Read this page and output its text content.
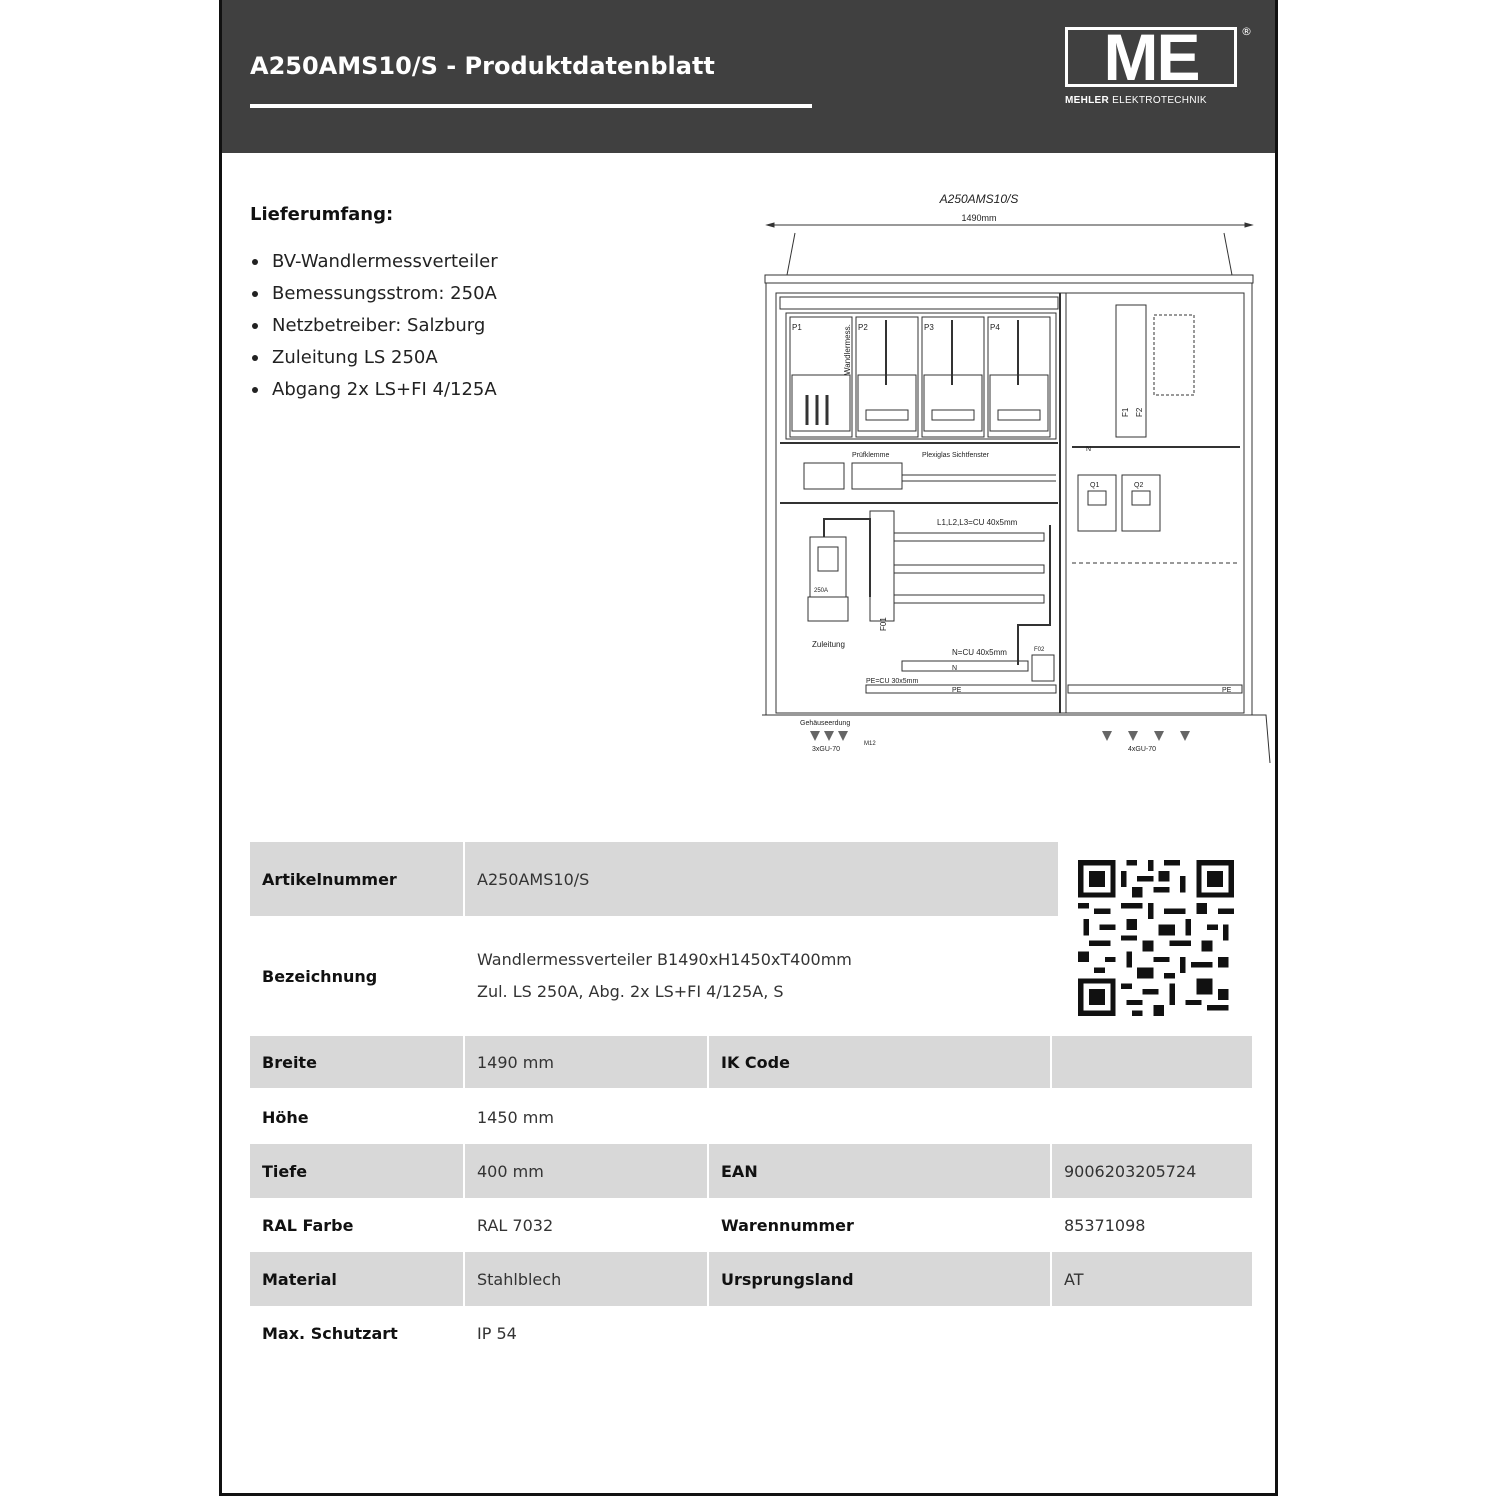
A250AMS10/S - Produktdatenblatt	ME	®
MEHLER ELEKTROTECHNIK
Lieferumfang:
BV-Wandlermessverteiler
Bemessungsstrom: 250A
Netzbetreiber: Salzburg
Zuleitung LS 250A
Abgang 2x LS+FI 4/125A
A250AMS10/S
1490mm
P1	Wandlermess. P2	P3	P4
Prüfklemme	Plexiglas Sichtfenster
250A
Zuleitung
F01
L1,L2,L3=CU 40x5mm
N=CU 40x5mm
N
F02
PE=CU 30x5mm
PE
N
F1 F2
Q1	Q2
PE
Gehäuseerdung
3xGU-70
M12
4xGU-70
Artikelnummer	A250AMS10/S
Bezeichnung
Wandlermessverteiler B1490xH1450xT400mm
Zul. LS 250A, Abg. 2x LS+FI 4/125A, S
Breite	1490 mm	IK Code
Höhe	1450 mm
Tiefe	400 mm	EAN	9006203205724
RAL Farbe	RAL 7032	Warennummer	85371098
Material	Stahlblech	Ursprungsland	AT
Max. Schutzart	IP 54
